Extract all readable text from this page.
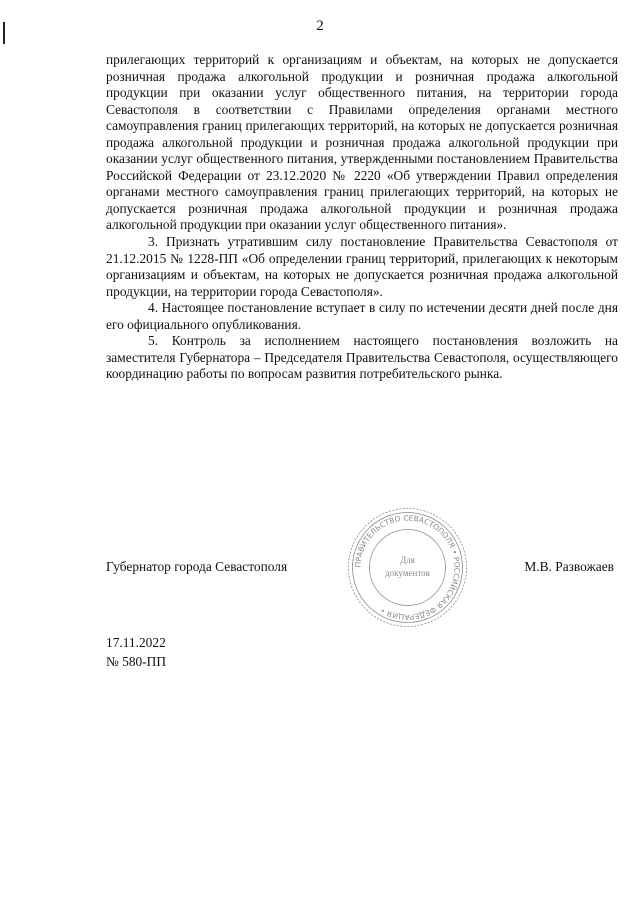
2

прилегающих территорий к организациям и объектам, на которых не допускается розничная продажа алкогольной продукции и розничная продажа алкогольной продукции при оказании услуг общественного питания, на территории города Севастополя в соответствии с Правилами определения органами местного самоуправления границ прилегающих территорий, на которых не допускается розничная продажа алкогольной продукции и розничная продажа алкогольной продукции при оказании услуг общественного питания, утвержденными постановлением Правительства Российской Федерации от 23.12.2020 № 2220 «Об утверждении Правил определения органами местного самоуправления границ прилегающих территорий, на которых не допускается розничная продажа алкогольной продукции и розничная продажа алкогольной продукции при оказании услуг общественного питания».

3. Признать утратившим силу постановление Правительства Севастополя от 21.12.2015 № 1228-ПП «Об определении границ территорий, прилегающих к некоторым организациям и объектам, на которых не допускается розничная продажа алкогольной продукции, на территории города Севастополя».

4. Настоящее постановление вступает в силу по истечении десяти дней после дня его официального опубликования.

5. Контроль за исполнением настоящего постановления возложить на заместителя Губернатора – Председателя Правительства Севастополя, осуществляющего координацию работы по вопросам развития потребительского рынка.

Губернатор города Севастополя	М.В. Развожаев
ПРАВИТЕЛЬСТВО СЕВАСТОПОЛЯ • РОССИЙСКАЯ ФЕДЕРАЦИЯ •
Для
документов
17.11.2022
№ 580-ПП
